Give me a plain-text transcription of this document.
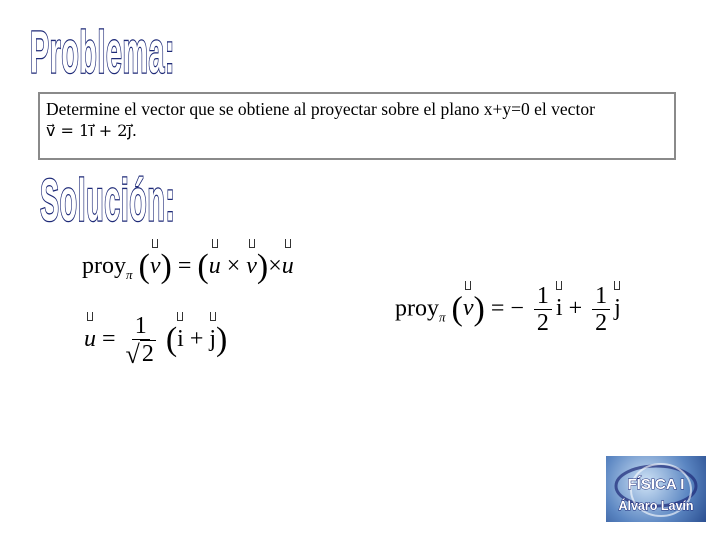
Problema:
Determine el vector que se obtiene al proyectar sobre el plano x+y=0 el vector
v⃗ = 1i⃗ + 2j⃗.
Solución:
proy$_\pi$ (
v) = (
u × v)×
u
$u = \frac{1}{√ 2}$ (
i + j)
proy$_\pi$ (
v) = − $\frac{1}{2}$ $i + \frac{1}{2}$ j
FÍSICA I
Álvaro Lavín
